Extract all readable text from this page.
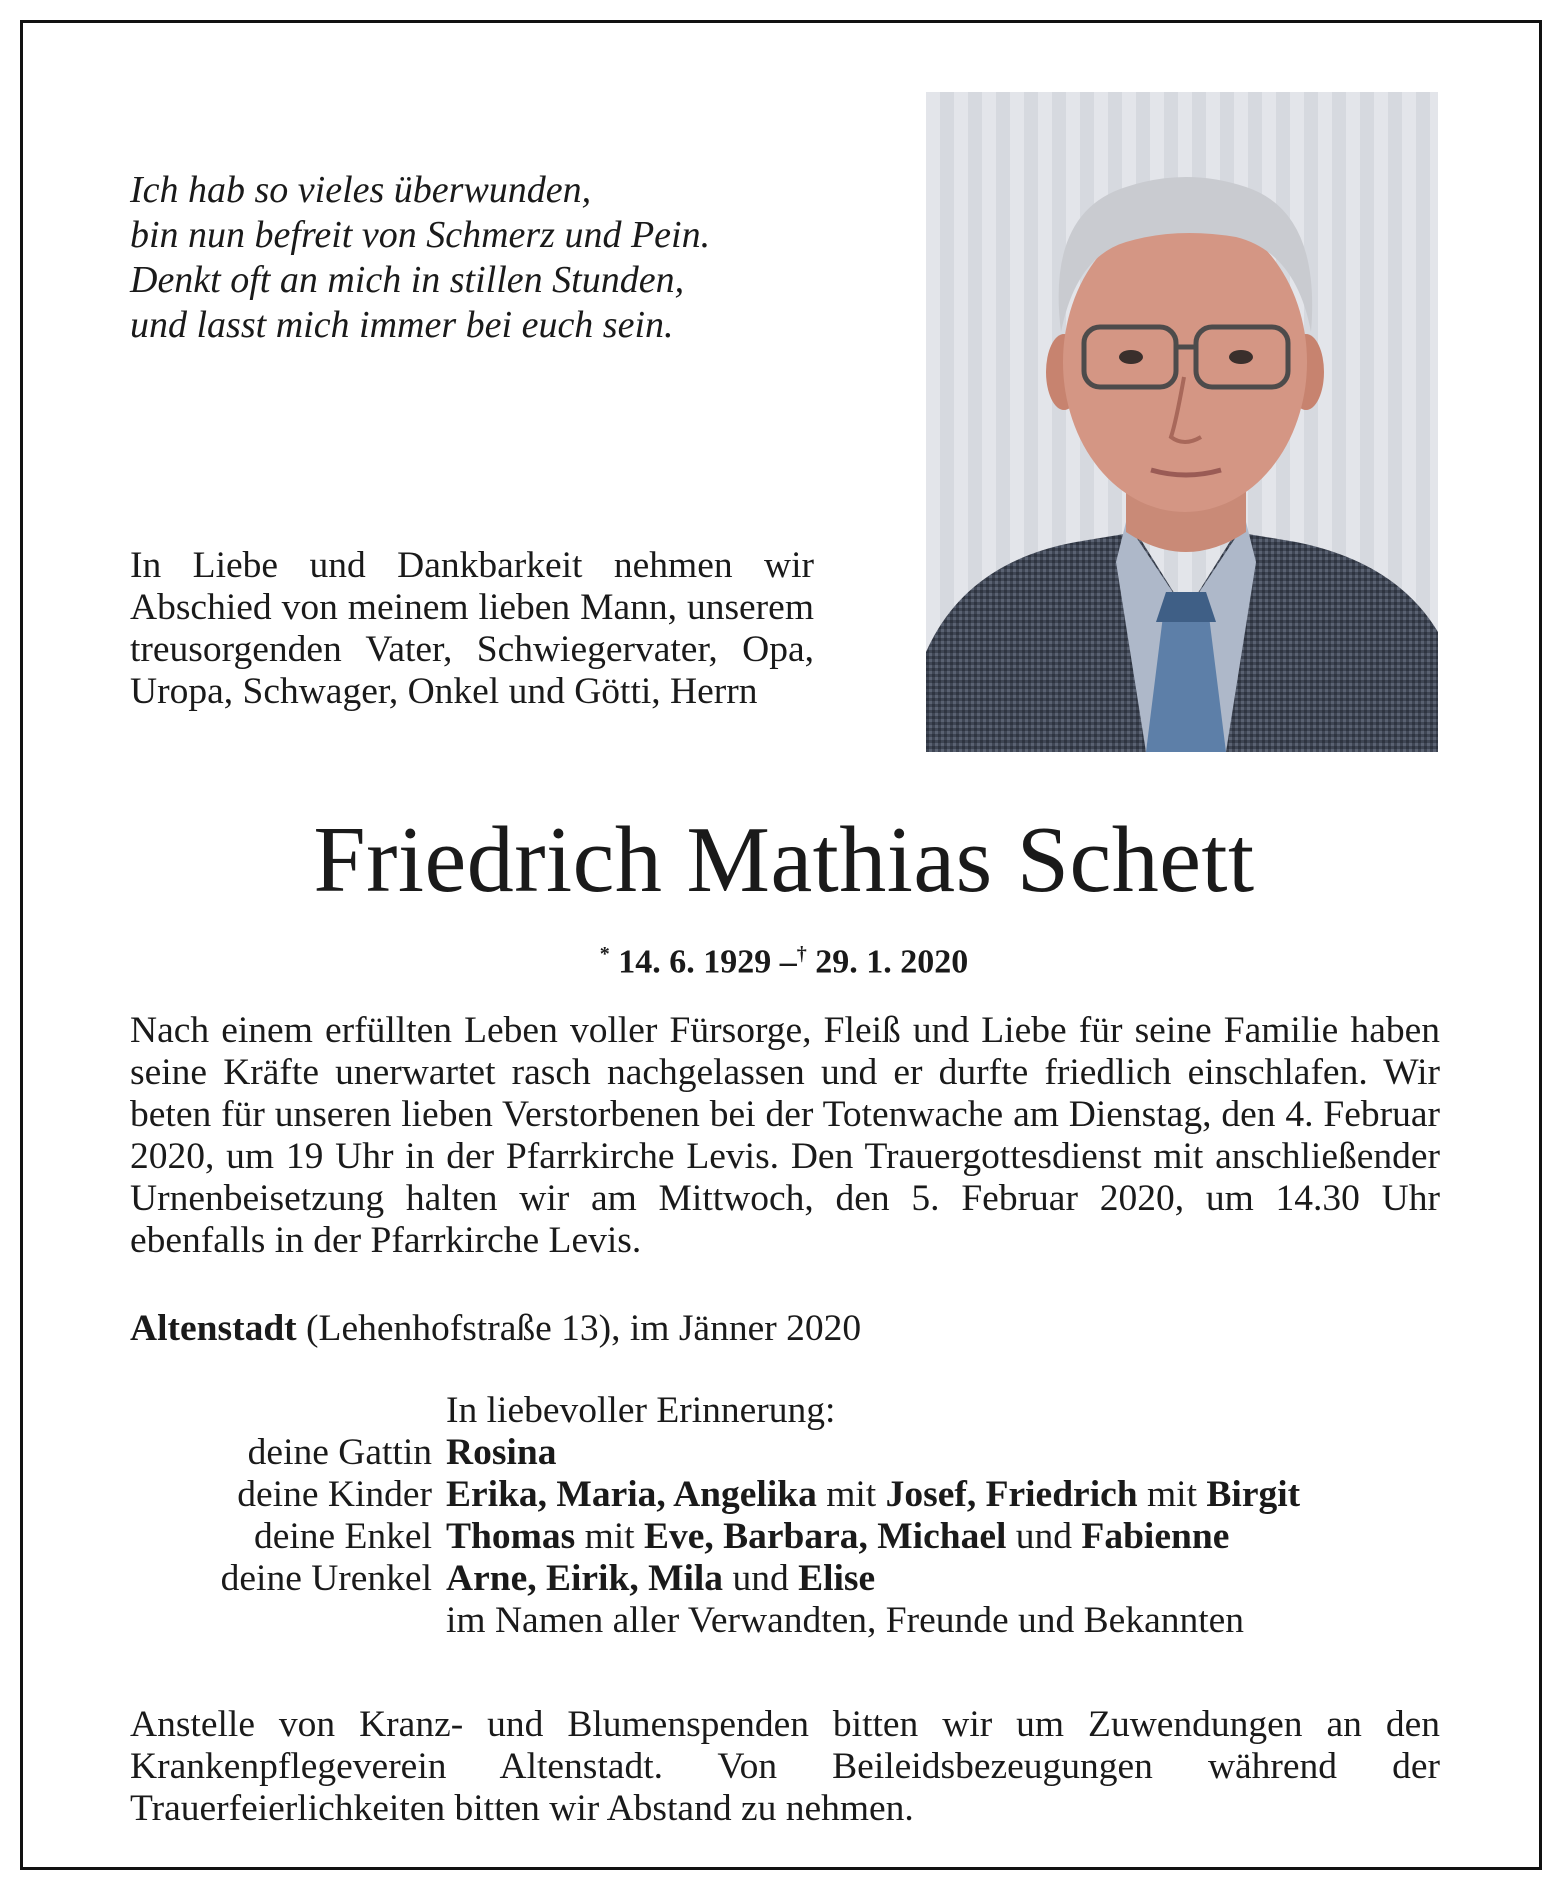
Ich hab so vieles überwunden,
bin nun befreit von Schmerz und Pein.
Denkt oft an mich in stillen Stunden,
und lasst mich immer bei euch sein.
In Liebe und Dankbarkeit nehmen wir Abschied von meinem lieben Mann, unserem treusorgenden Vater, Schwiegervater, Opa, Uropa, Schwager, Onkel und Götti, Herrn
Friedrich Mathias Schett
* 14. 6. 1929 –† 29. 1. 2020
Nach einem erfüllten Leben voller Fürsorge, Fleiß und Liebe für seine Familie haben seine Kräfte unerwartet rasch nachgelassen und er durfte friedlich einschlafen. Wir beten für unseren lieben Verstorbenen bei der Totenwache am Dienstag, den 4. Februar 2020, um 19 Uhr in der Pfarrkirche Levis. Den Trauergottesdienst mit anschließender Urnenbeisetzung halten wir am Mittwoch, den 5. Februar 2020, um 14.30 Uhr ebenfalls in der Pfarrkirche Levis.
Altenstadt (Lehenhofstraße 13), im Jänner 2020
In liebevoller Erinnerung:
deine Gattin Rosina
deine Kinder Erika, Maria, Angelika mit Josef, Friedrich mit Birgit
deine Enkel Thomas mit Eve, Barbara, Michael und Fabienne
deine Urenkel Arne, Eirik, Mila und Elise
im Namen aller Verwandten, Freunde und Bekannten
Anstelle von Kranz- und Blumenspenden bitten wir um Zuwendungen an den Krankenpflegeverein Altenstadt. Von Beileidsbezeugungen während der Trauerfeierlichkeiten bitten wir Abstand zu nehmen.
